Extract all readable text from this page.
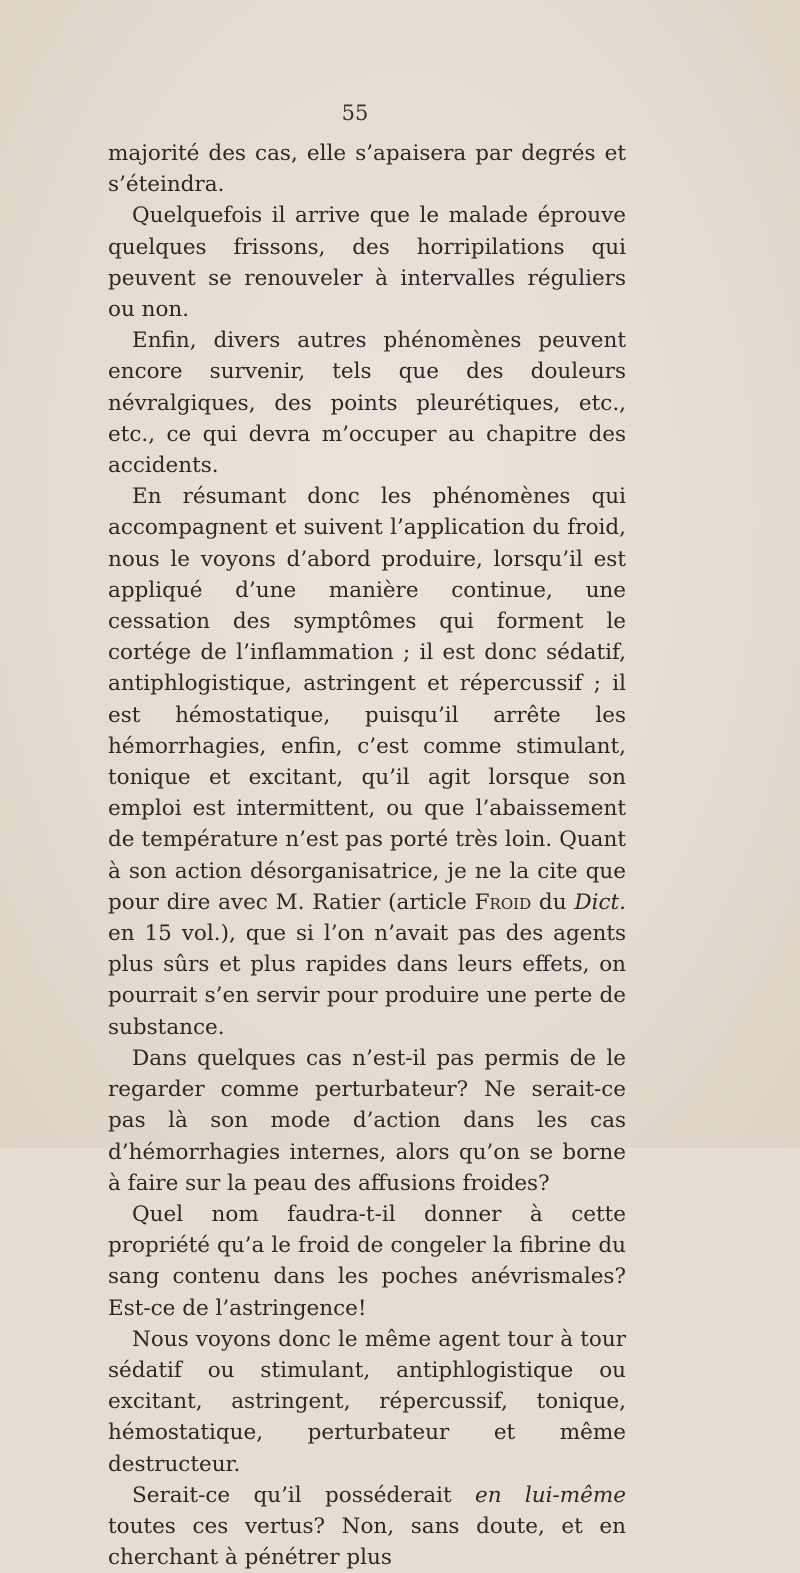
55

majorité des cas, elle s’apaisera par degrés et s’éteindra.

Quelquefois il arrive que le malade éprouve quelques frissons, des horripilations qui peuvent se renouveler à intervalles réguliers ou non.

Enfin, divers autres phénomènes peuvent encore survenir, tels que des douleurs névralgiques, des points pleurétiques, etc., etc., ce qui devra m’occuper au chapitre des accidents.

En résumant donc les phénomènes qui accompagnent et suivent l’application du froid, nous le voyons d’abord produire, lorsqu’il est appliqué d’une manière continue, une cessation des symptômes qui forment le cortége de l’inflammation ; il est donc sédatif, antiphlogistique, astringent et répercussif ; il est hémostatique, puisqu’il arrête les hémorrhagies, enfin, c’est comme stimulant, tonique et excitant, qu’il agit lorsque son emploi est intermittent, ou que l’abaissement de température n’est pas porté très loin. Quant à son action désorganisatrice, je ne la cite que pour dire avec M. Ratier (article Froid du Dict. en 15 vol.), que si l’on n’avait pas des agents plus sûrs et plus rapides dans leurs effets, on pourrait s’en servir pour produire une perte de substance.

Dans quelques cas n’est-il pas permis de le regarder comme perturbateur? Ne serait-ce pas là son mode d’action dans les cas d’hémorrhagies internes, alors qu’on se borne à faire sur la peau des affusions froides?

Quel nom faudra-t-il donner à cette propriété qu’a le froid de congeler la fibrine du sang contenu dans les poches anévrismales? Est-ce de l’astringence!

Nous voyons donc le même agent tour à tour sédatif ou stimulant, antiphlogistique ou excitant, astringent, répercussif, tonique, hémostatique, perturbateur et même destructeur.

Serait-ce qu’il posséderait en lui-même toutes ces vertus? Non, sans doute, et en cherchant à pénétrer plus
